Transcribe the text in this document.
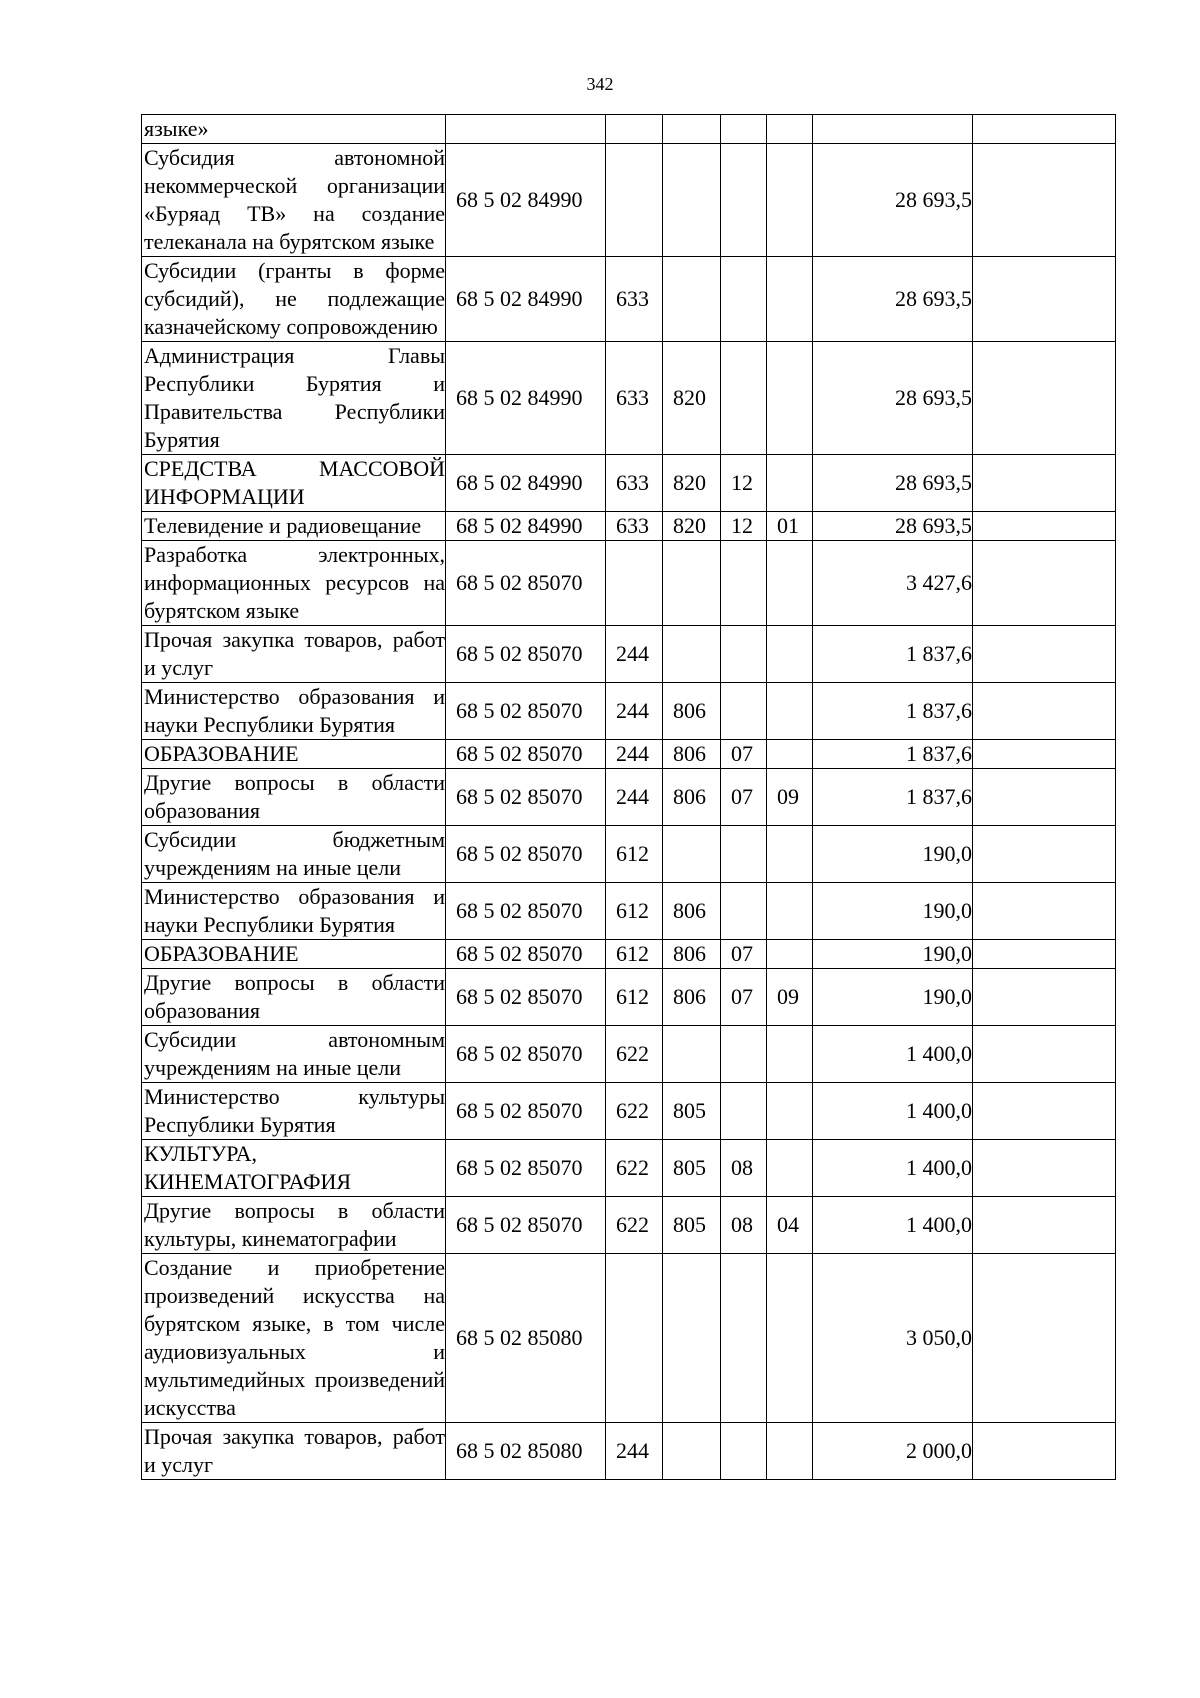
342
языке»							
Субсидия автономной некоммерческой организации «Буряад ТВ» на создание телеканала на бурятском языке	68 5 02 84990					28 693,5	
Субсидии (гранты в форме субсидий), не подлежащие казначейскому сопровождению	68 5 02 84990	633				28 693,5	
Администрация Главы Республики Бурятия и Правительства Республики Бурятия	68 5 02 84990	633	820			28 693,5	
СРЕДСТВА МАССОВОЙ ИНФОРМАЦИИ	68 5 02 84990	633	820	12		28 693,5	
Телевидение и радиовещание	68 5 02 84990	633	820	12	01	28 693,5	
Разработка электронных, информационных ресурсов на бурятском языке	68 5 02 85070					3 427,6	
Прочая закупка товаров, работ и услуг	68 5 02 85070	244				1 837,6	
Министерство образования и науки Республики Бурятия	68 5 02 85070	244	806			1 837,6	
ОБРАЗОВАНИЕ	68 5 02 85070	244	806	07		1 837,6	
Другие вопросы в области образования	68 5 02 85070	244	806	07	09	1 837,6	
Субсидии бюджетным учреждениям на иные цели	68 5 02 85070	612				190,0	
Министерство образования и науки Республики Бурятия	68 5 02 85070	612	806			190,0	
ОБРАЗОВАНИЕ	68 5 02 85070	612	806	07		190,0	
Другие вопросы в области образования	68 5 02 85070	612	806	07	09	190,0	
Субсидии автономным учреждениям на иные цели	68 5 02 85070	622				1 400,0	
Министерство культуры Республики Бурятия	68 5 02 85070	622	805			1 400,0	
КУЛЬТУРА, КИНЕМАТОГРАФИЯ	68 5 02 85070	622	805	08		1 400,0	
Другие вопросы в области культуры, кинематографии	68 5 02 85070	622	805	08	04	1 400,0	
Создание и приобретение произведений искусства на бурятском языке, в том числе аудиовизуальных и мультимедийных произведений искусства	68 5 02 85080					3 050,0	
Прочая закупка товаров, работ и услуг	68 5 02 85080	244				2 000,0	
